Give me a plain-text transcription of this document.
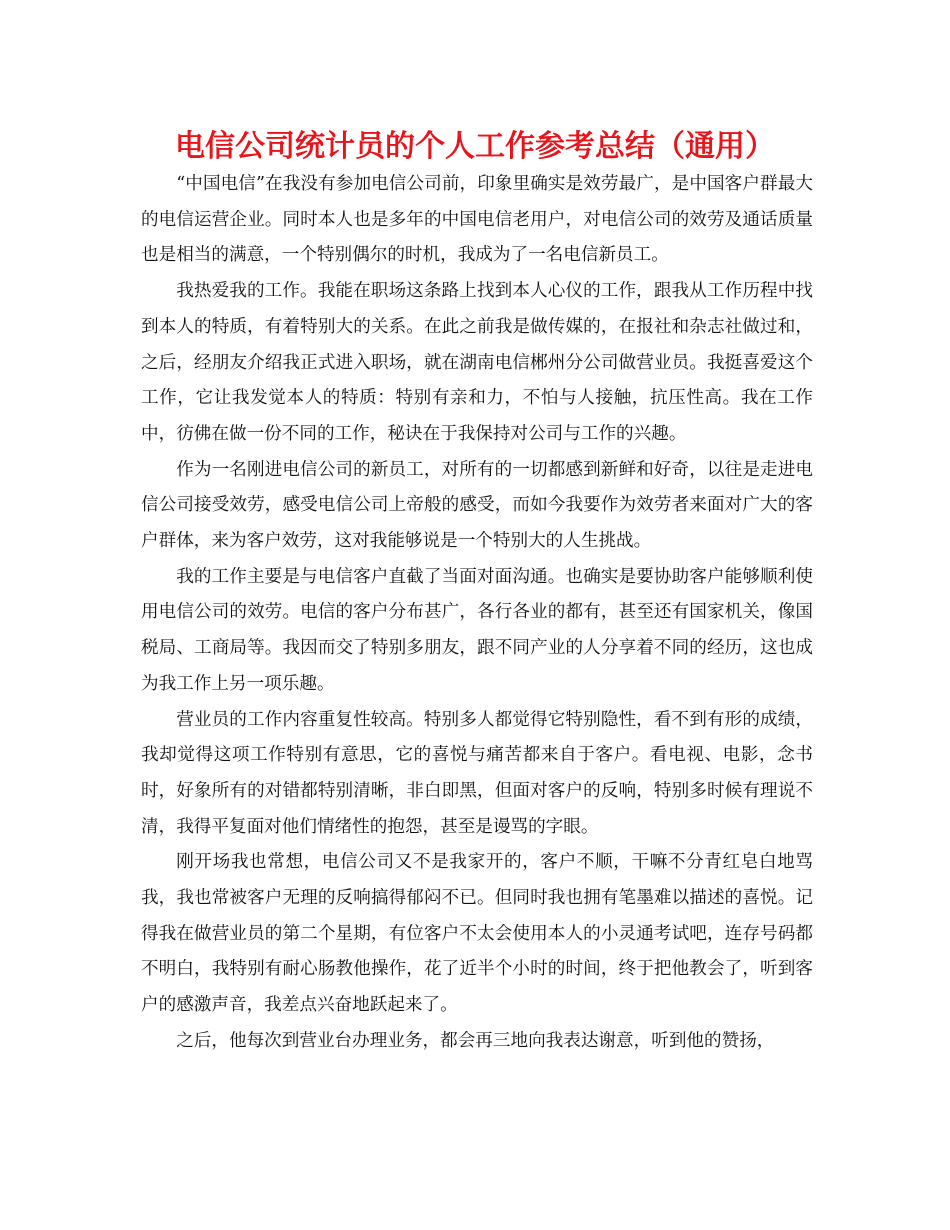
电信公司统计员的个人工作参考总结（通用）

“中国电信”在我没有参加电信公司前，印象里确实是效劳最广，是中国客户群最大的电信运营企业。同时本人也是多年的中国电信老用户，对电信公司的效劳及通话质量也是相当的满意，一个特别偶尔的时机，我成为了一名电信新员工。

我热爱我的工作。我能在职场这条路上找到本人心仪的工作，跟我从工作历程中找到本人的特质，有着特别大的关系。在此之前我是做传媒的，在报社和杂志社做过和，之后，经朋友介绍我正式进入职场，就在湖南电信郴州分公司做营业员。我挺喜爱这个工作，它让我发觉本人的特质：特别有亲和力，不怕与人接触，抗压性高。我在工作中，彷佛在做一份不同的工作，秘诀在于我保持对公司与工作的兴趣。

作为一名刚进电信公司的新员工，对所有的一切都感到新鲜和好奇，以往是走进电信公司接受效劳，感受电信公司上帝般的感受，而如今我要作为效劳者来面对广大的客户群体，来为客户效劳，这对我能够说是一个特别大的人生挑战。

我的工作主要是与电信客户直截了当面对面沟通。也确实是要协助客户能够顺利使用电信公司的效劳。电信的客户分布甚广，各行各业的都有，甚至还有国家机关，像国税局、工商局等。我因而交了特别多朋友，跟不同产业的人分享着不同的经历，这也成为我工作上另一项乐趣。

营业员的工作内容重复性较高。特别多人都觉得它特别隐性，看不到有形的成绩，我却觉得这项工作特别有意思，它的喜悦与痛苦都来自于客户。看电视、电影，念书时，好象所有的对错都特别清晰，非白即黑，但面对客户的反响，特别多时候有理说不清，我得平复面对他们情绪性的抱怨，甚至是谩骂的字眼。

刚开场我也常想，电信公司又不是我家开的，客户不顺，干嘛不分青红皂白地骂我，我也常被客户无理的反响搞得郁闷不已。但同时我也拥有笔墨难以描述的喜悦。记得我在做营业员的第二个星期，有位客户不太会使用本人的小灵通考试吧，连存号码都不明白，我特别有耐心肠教他操作，花了近半个小时的时间，终于把他教会了，听到客户的感激声音，我差点兴奋地跃起来了。

之后，他每次到营业台办理业务，都会再三地向我表达谢意，听到他的赞扬，
